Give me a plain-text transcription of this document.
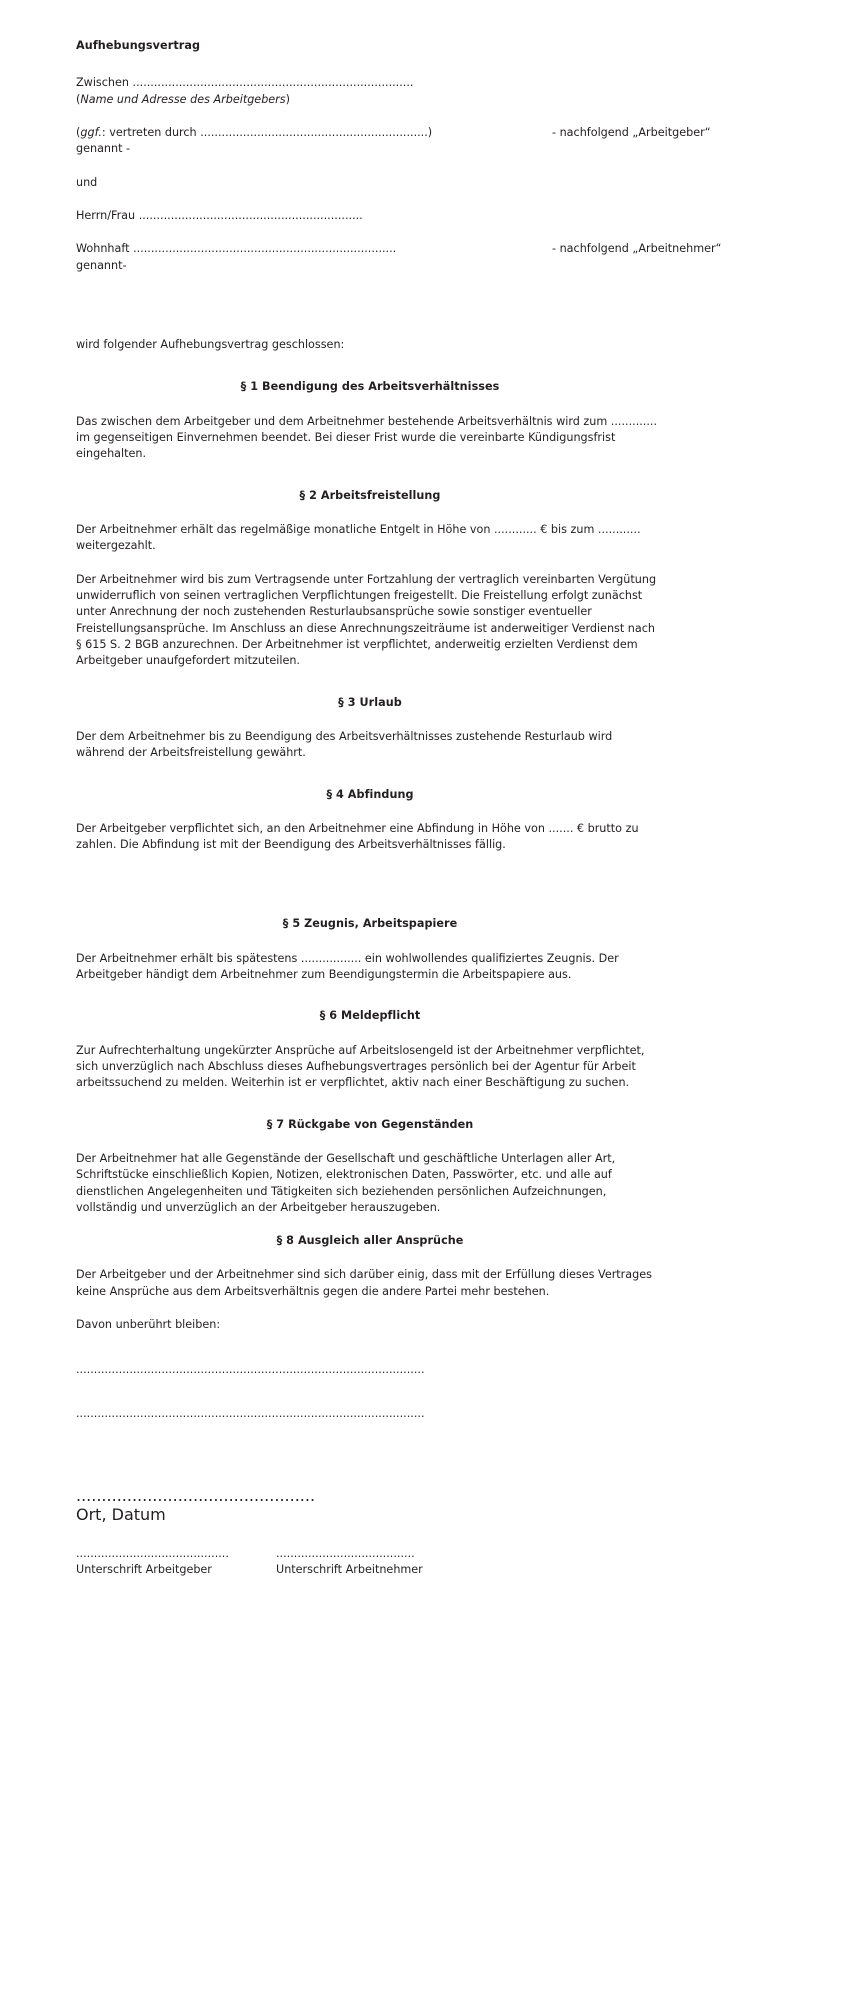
Aufhebungsvertrag

Zwischen ...............................................................................
(Name und Adresse des Arbeitgebers)

(ggf.: vertreten durch ................................................................)
genannt -
- nachfolgend „Arbeitgeber“

und

Herrn/Frau ...............................................................

Wohnhaft ..........................................................................
genannt-
- nachfolgend „Arbeitnehmer“

wird folgender Aufhebungsvertrag geschlossen:

§ 1 Beendigung des Arbeitsverhältnisses

Das zwischen dem Arbeitgeber und dem Arbeitnehmer bestehende Arbeitsverhältnis wird zum ............. im gegenseitigen Einvernehmen beendet. Bei dieser Frist wurde die vereinbarte Kündigungsfrist eingehalten.

§ 2 Arbeitsfreistellung

Der Arbeitnehmer erhält das regelmäßige monatliche Entgelt in Höhe von ............ € bis zum ............ weitergezahlt.

Der Arbeitnehmer wird bis zum Vertragsende unter Fortzahlung der vertraglich vereinbarten Vergütung unwiderruflich von seinen vertraglichen Verpflichtungen freigestellt. Die Freistellung erfolgt zunächst unter Anrechnung der noch zustehenden Resturlaubsansprüche sowie sonstiger eventueller Freistellungsansprüche. Im Anschluss an diese Anrechnungszeiträume ist anderweitiger Verdienst nach § 615 S. 2 BGB anzurechnen. Der Arbeitnehmer ist verpflichtet, anderweitig erzielten Verdienst dem Arbeitgeber unaufgefordert mitzuteilen.

§ 3 Urlaub

Der dem Arbeitnehmer bis zu Beendigung des Arbeitsverhältnisses zustehende Resturlaub wird während der Arbeitsfreistellung gewährt.

§ 4 Abfindung

Der Arbeitgeber verpflichtet sich, an den Arbeitnehmer eine Abfindung in Höhe von ....... € brutto zu zahlen. Die Abfindung ist mit der Beendigung des Arbeitsverhältnisses fällig.

§ 5 Zeugnis, Arbeitspapiere

Der Arbeitnehmer erhält bis spätestens ................. ein wohlwollendes qualifiziertes Zeugnis. Der Arbeitgeber händigt dem Arbeitnehmer zum Beendigungstermin die Arbeitspapiere aus.

§ 6 Meldepflicht

Zur Aufrechterhaltung ungekürzter Ansprüche auf Arbeitslosengeld ist der Arbeitnehmer verpflichtet, sich unverzüglich nach Abschluss dieses Aufhebungsvertrages persönlich bei der Agentur für Arbeit arbeitssuchend zu melden. Weiterhin ist er verpflichtet, aktiv nach einer Beschäftigung zu suchen.

§ 7 Rückgabe von Gegenständen

Der Arbeitnehmer hat alle Gegenstände der Gesellschaft und geschäftliche Unterlagen aller Art, Schriftstücke einschließlich Kopien, Notizen, elektronischen Daten, Passwörter, etc. und alle auf dienstlichen Angelegenheiten und Tätigkeiten sich beziehenden persönlichen Aufzeichnungen, vollständig und unverzüglich an der Arbeitgeber herauszugeben.

§ 8 Ausgleich aller Ansprüche

Der Arbeitgeber und der Arbeitnehmer sind sich darüber einig, dass mit der Erfüllung dieses Vertrages keine Ansprüche aus dem Arbeitsverhältnis gegen die andere Partei mehr bestehen.

Davon unberührt bleiben:

..................................................................................................
..................................................................................................
...............................................
Ort, Datum
...........................................
Unterschrift Arbeitgeber
.......................................
Unterschrift Arbeitnehmer
